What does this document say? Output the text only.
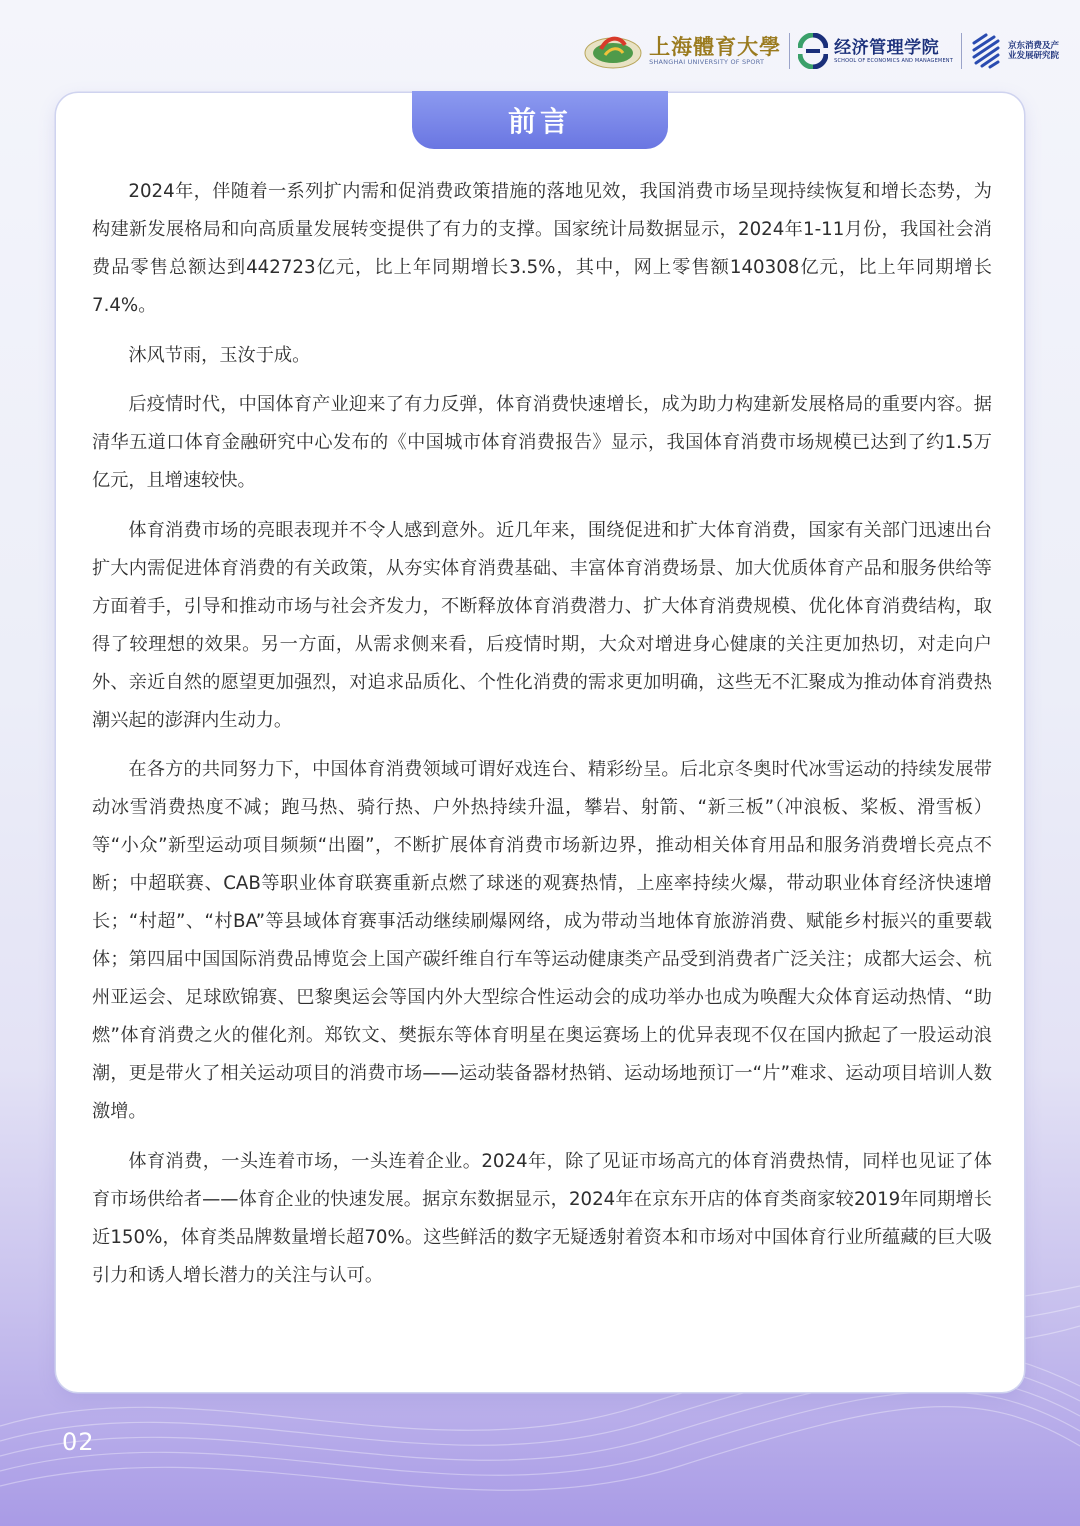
上海體育大學
SHANGHAI UNIVERSITY OF SPORT
经济管理学院
SCHOOL OF ECONOMICS AND MANAGEMENT
京东消费及产业发展研究院
前言

2024年，伴随着一系列扩内需和促消费政策措施的落地见效，我国消费市场呈现持续恢复和增长态势，为构建新发展格局和向高质量发展转变提供了有力的支撑。国家统计局数据显示，2024年1-11月份，我国社会消费品零售总额达到442723亿元，比上年同期增长3.5%，其中，网上零售额140308亿元，比上年同期增长7.4%。

沐风节雨，玉汝于成。

后疫情时代，中国体育产业迎来了有力反弹，体育消费快速增长，成为助力构建新发展格局的重要内容。据清华五道口体育金融研究中心发布的《中国城市体育消费报告》显示，我国体育消费市场规模已达到了约1.5万亿元，且增速较快。

体育消费市场的亮眼表现并不令人感到意外。近几年来，围绕促进和扩大体育消费，国家有关部门迅速出台扩大内需促进体育消费的有关政策，从夯实体育消费基础、丰富体育消费场景、加大优质体育产品和服务供给等方面着手，引导和推动市场与社会齐发力，不断释放体育消费潜力、扩大体育消费规模、优化体育消费结构，取得了较理想的效果。另一方面，从需求侧来看，后疫情时期，大众对增进身心健康的关注更加热切，对走向户外、亲近自然的愿望更加强烈，对追求品质化、个性化消费的需求更加明确，这些无不汇聚成为推动体育消费热潮兴起的澎湃内生动力。

在各方的共同努力下，中国体育消费领域可谓好戏连台、精彩纷呈。后北京冬奥时代冰雪运动的持续发展带动冰雪消费热度不减；跑马热、骑行热、户外热持续升温，攀岩、射箭、“新三板”（冲浪板、桨板、滑雪板）等“小众”新型运动项目频频“出圈”，不断扩展体育消费市场新边界，推动相关体育用品和服务消费增长亮点不断；中超联赛、CAB等职业体育联赛重新点燃了球迷的观赛热情，上座率持续火爆，带动职业体育经济快速增长；“村超”、“村BA”等县域体育赛事活动继续刷爆网络，成为带动当地体育旅游消费、赋能乡村振兴的重要载体；第四届中国国际消费品博览会上国产碳纤维自行车等运动健康类产品受到消费者广泛关注；成都大运会、杭州亚运会、足球欧锦赛、巴黎奥运会等国内外大型综合性运动会的成功举办也成为唤醒大众体育运动热情、“助燃”体育消费之火的催化剂。郑钦文、樊振东等体育明星在奥运赛场上的优异表现不仅在国内掀起了一股运动浪潮，更是带火了相关运动项目的消费市场——运动装备器材热销、运动场地预订一“片”难求、运动项目培训人数激增。

体育消费，一头连着市场，一头连着企业。2024年，除了见证市场高亢的体育消费热情，同样也见证了体育市场供给者——体育企业的快速发展。据京东数据显示，2024年在京东开店的体育类商家较2019年同期增长近150%，体育类品牌数量增长超70%。这些鲜活的数字无疑透射着资本和市场对中国体育行业所蕴藏的巨大吸引力和诱人增长潜力的关注与认可。

02
